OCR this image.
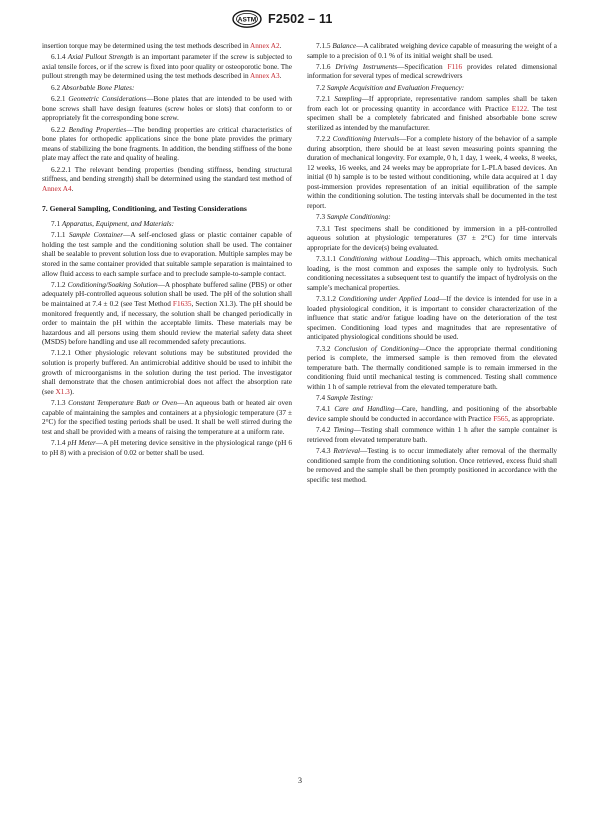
ASTM F2502 – 11

insertion torque may be determined using the test methods described in Annex A2.

6.1.4 Axial Pullout Strength is an important parameter if the screw is subjected to axial tensile forces, or if the screw is fixed into poor quality or osteoporotic bone. The pullout strength may be determined using the test methods described in Annex A3.

6.2 Absorbable Bone Plates:

6.2.1 Geometric Considerations—Bone plates that are intended to be used with bone screws shall have design features (screw holes or slots) that conform to or appropriately fit the corresponding bone screw.

6.2.2 Bending Properties—The bending properties are critical characteristics of bone plates for orthopedic applications since the bone plate provides the primary means of stabilizing the bone fragments. In addition, the bending stiffness of the bone plate may affect the rate and quality of healing.

6.2.2.1 The relevant bending properties (bending stiffness, bending structural stiffness, and bending strength) shall be determined using the standard test method of Annex A4.

7. General Sampling, Conditioning, and Testing Considerations

7.1 Apparatus, Equipment, and Materials:

7.1.1 Sample Container—A self-enclosed glass or plastic container capable of holding the test sample and the conditioning solution shall be used. The container shall be sealable to prevent solution loss due to evaporation. Multiple samples may be stored in the same container provided that suitable sample separation is maintained to allow fluid access to each sample surface and to preclude sample-to-sample contact.

7.1.2 Conditioning/Soaking Solution—A phosphate buffered saline (PBS) or other adequately pH-controlled aqueous solution shall be used. The pH of the solution shall be maintained at 7.4 ± 0.2 (see Test Method F1635, Section X1.3). The pH should be monitored frequently and, if necessary, the solution shall be changed periodically in order to maintain the pH within the acceptable limits. These materials may be hazardous and all persons using them should review the material safety data sheet (MSDS) before handling and use all recommended safety precautions.

7.1.2.1 Other physiologic relevant solutions may be substituted provided the solution is properly buffered. An antimicrobial additive should be used to inhibit the growth of microorganisms in the solution during the test period. The investigator shall demonstrate that the chosen antimicrobial does not affect the absorption rate (see X1.3).

7.1.3 Constant Temperature Bath or Oven—An aqueous bath or heated air oven capable of maintaining the samples and containers at a physiologic temperature (37 ± 2°C) for the specified testing periods shall be used. It shall be well stirred during the test and shall be provided with a means of raising the temperature at a uniform rate.

7.1.4 pH Meter—A pH metering device sensitive in the physiological range (pH 6 to pH 8) with a precision of 0.02 or better shall be used.

7.1.5 Balance—A calibrated weighing device capable of measuring the weight of a sample to a precision of 0.1 % of its initial weight shall be used.

7.1.6 Driving Instruments—Specification F116 provides related dimensional information for several types of medical screwdrivers

7.2 Sample Acquisition and Evaluation Frequency:

7.2.1 Sampling—If appropriate, representative random samples shall be taken from each lot or processing quantity in accordance with Practice E122. The test specimen shall be a completely fabricated and finished absorbable bone screw sterilized as intended by the manufacturer.

7.2.2 Conditioning Intervals—For a complete history of the behavior of a sample during absorption, there should be at least seven measuring points spanning the duration of mechanical longevity. For example, 0 h, 1 day, 1 week, 4 weeks, 8 weeks, 12 weeks, 16 weeks, and 24 weeks may be appropriate for L-PLA based devices. An initial (0 h) sample is to be tested without conditioning, while data acquired at 1 day post-immersion provides representation of an initial equilibration of the sample within the conditioning solution. The testing intervals shall be documented in the test report.

7.3 Sample Conditioning:

7.3.1 Test specimens shall be conditioned by immersion in a pH-controlled aqueous solution at physiologic temperatures (37 ± 2°C) for time intervals appropriate for the device(s) being evaluated.

7.3.1.1 Conditioning without Loading—This approach, which omits mechanical loading, is the most common and exposes the sample only to hydrolysis. Such conditioning necessitates a subsequent test to quantify the impact of hydrolysis on the sample’s mechanical properties.

7.3.1.2 Conditioning under Applied Load—If the device is intended for use in a loaded physiological condition, it is important to consider characterization of the influence that static and/or fatigue loading have on the deterioration of the test specimen. Conditioning load types and magnitudes that are representative of anticipated physiological conditions should be used.

7.3.2 Conclusion of Conditioning—Once the appropriate thermal conditioning period is complete, the immersed sample is then removed from the elevated temperature bath. The thermally conditioned sample is to remain immersed in the conditioning fluid until mechanical testing is commenced. Testing shall commence within 1 h of sample retrieval from the elevated temperature bath.

7.4 Sample Testing:

7.4.1 Care and Handling—Care, handling, and positioning of the absorbable device sample should be conducted in accordance with Practice F565, as appropriate.

7.4.2 Timing—Testing shall commence within 1 h after the sample container is retrieved from elevated temperature bath.

7.4.3 Retrieval—Testing is to occur immediately after removal of the thermally conditioned sample from the conditioning solution. Once retrieved, excess fluid shall be removed and the sample shall be then promptly positioned in accordance with the specific test method.

3
